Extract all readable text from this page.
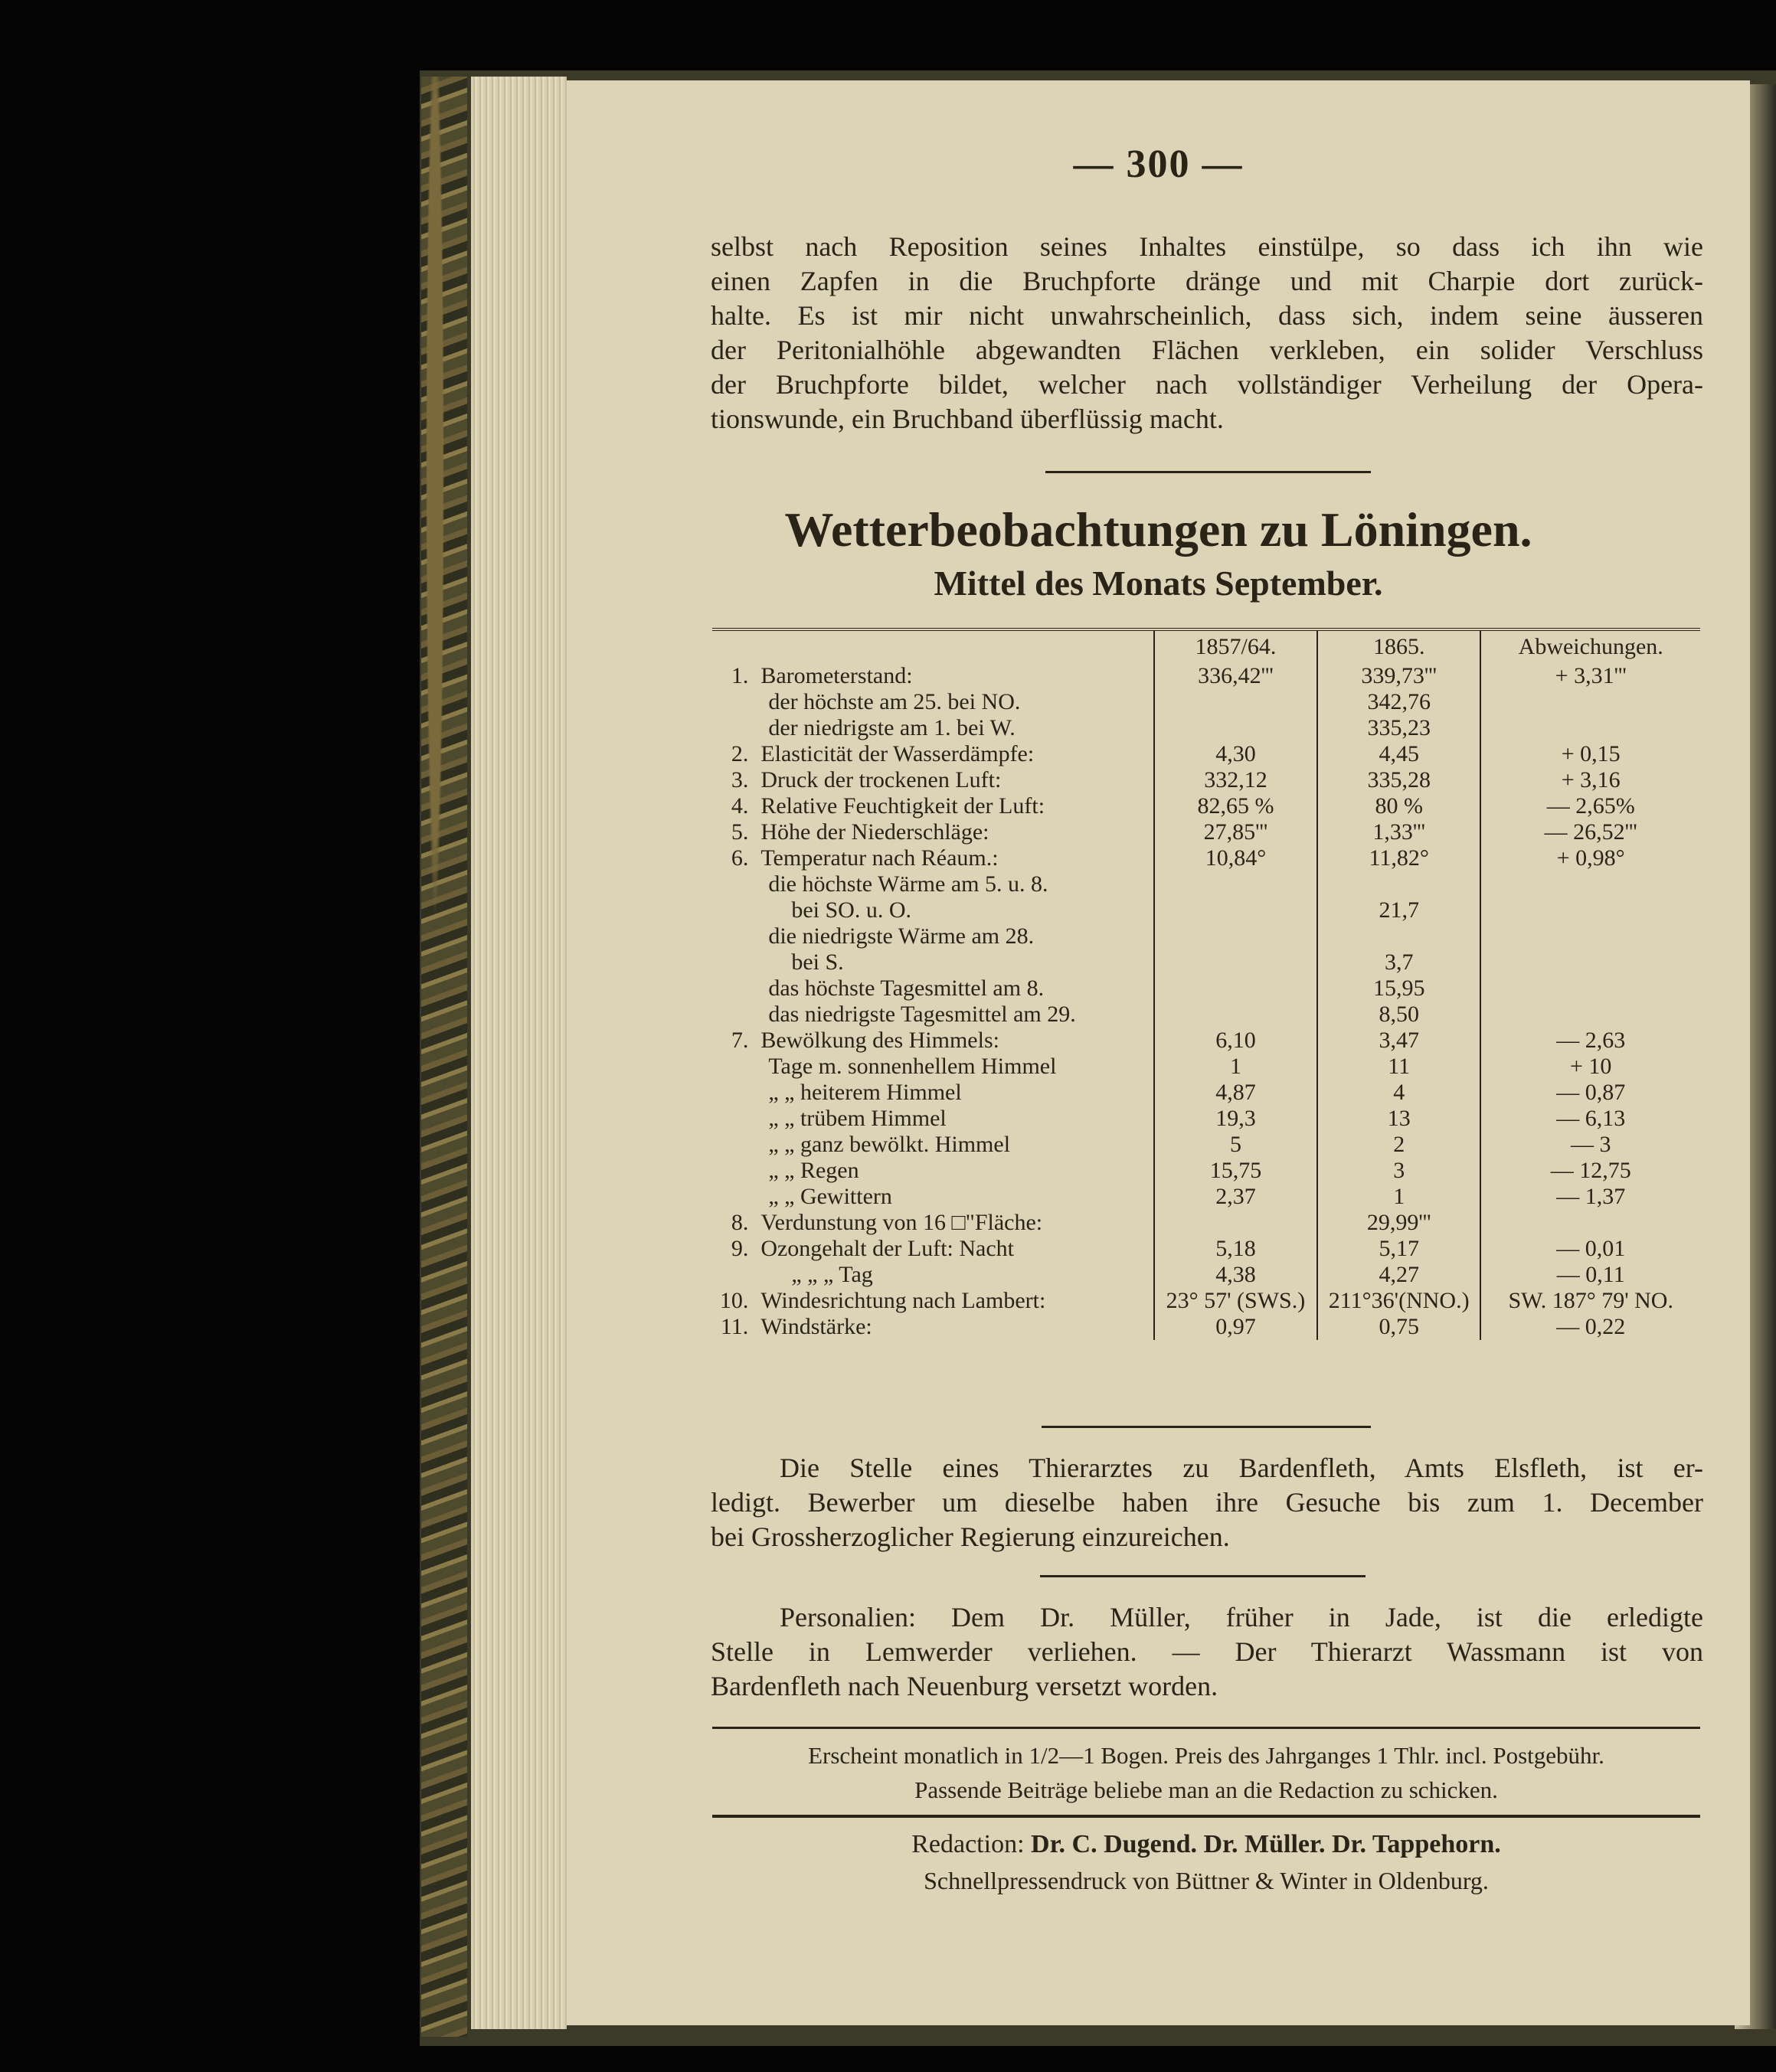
— 300 —
selbst nach Reposition seines Inhaltes einstülpe, so dass ich ihn wie
einen Zapfen in die Bruchpforte dränge und mit Charpie dort zurück-
halte. Es ist mir nicht unwahrscheinlich, dass sich, indem seine äusseren
der Peritonialhöhle abgewandten Flächen verkleben, ein solider Verschluss
der Bruchpforte bildet, welcher nach vollständiger Verheilung der Opera-
tionswunde, ein Bruchband überflüssig macht.
Wetterbeobachtungen zu Löningen.
Mittel des Monats September.
		1857/64.	1865.	Abweichungen.
1.	Barometerstand:	336,42'''	339,73'''	+ 3,31'''
	der höchste am 25. bei NO.		342,76	
	der niedrigste am 1. bei W.		335,23	
2.	Elasticität der Wasserdämpfe:	4,30	4,45	+ 0,15
3.	Druck der trockenen Luft:	332,12	335,28	+ 3,16
4.	Relative Feuchtigkeit der Luft:	82,65 %	80 %	— 2,65%
5.	Höhe der Niederschläge:	27,85'''	1,33'''	— 26,52'''
6.	Temperatur nach Réaum.:	10,84°	11,82°	+ 0,98°
	die höchste Wärme am 5. u. 8.			
	bei SO. u. O.		21,7	
	die niedrigste Wärme am 28.			
	bei S.		3,7	
	das höchste Tagesmittel am 8.		15,95	
	das niedrigste Tagesmittel am 29.		8,50	
7.	Bewölkung des Himmels:	6,10	3,47	— 2,63
	Tage m. sonnenhellem Himmel	1	11	+ 10
	„ „ heiterem Himmel	4,87	4	— 0,87
	„ „ trübem Himmel	19,3	13	— 6,13
	„ „ ganz bewölkt. Himmel	5	2	— 3
	„ „ Regen	15,75	3	— 12,75
	„ „ Gewittern	2,37	1	— 1,37
8.	Verdunstung von 16 □"Fläche:		29,99'''	
9.	Ozongehalt der Luft: Nacht	5,18	5,17	— 0,01
	„ „ „ Tag	4,38	4,27	— 0,11
10.	Windesrichtung nach Lambert:	23° 57' (SWS.)	211°36'(NNO.)	SW. 187° 79' NO.
11.	Windstärke:	0,97	0,75	— 0,22
Die Stelle eines Thierarztes zu Bardenfleth, Amts Elsfleth, ist er-
ledigt. Bewerber um dieselbe haben ihre Gesuche bis zum 1. December
bei Grossherzoglicher Regierung einzureichen.
Personalien: Dem Dr. Müller, früher in Jade, ist die erledigte
Stelle in Lemwerder verliehen. — Der Thierarzt Wassmann ist von
Bardenfleth nach Neuenburg versetzt worden.
Erscheint monatlich in 1/2—1 Bogen. Preis des Jahrganges 1 Thlr. incl. Postgebühr.
Passende Beiträge beliebe man an die Redaction zu schicken.
Redaction: Dr. C. Dugend. Dr. Müller. Dr. Tappehorn.
Schnellpressendruck von Büttner & Winter in Oldenburg.
